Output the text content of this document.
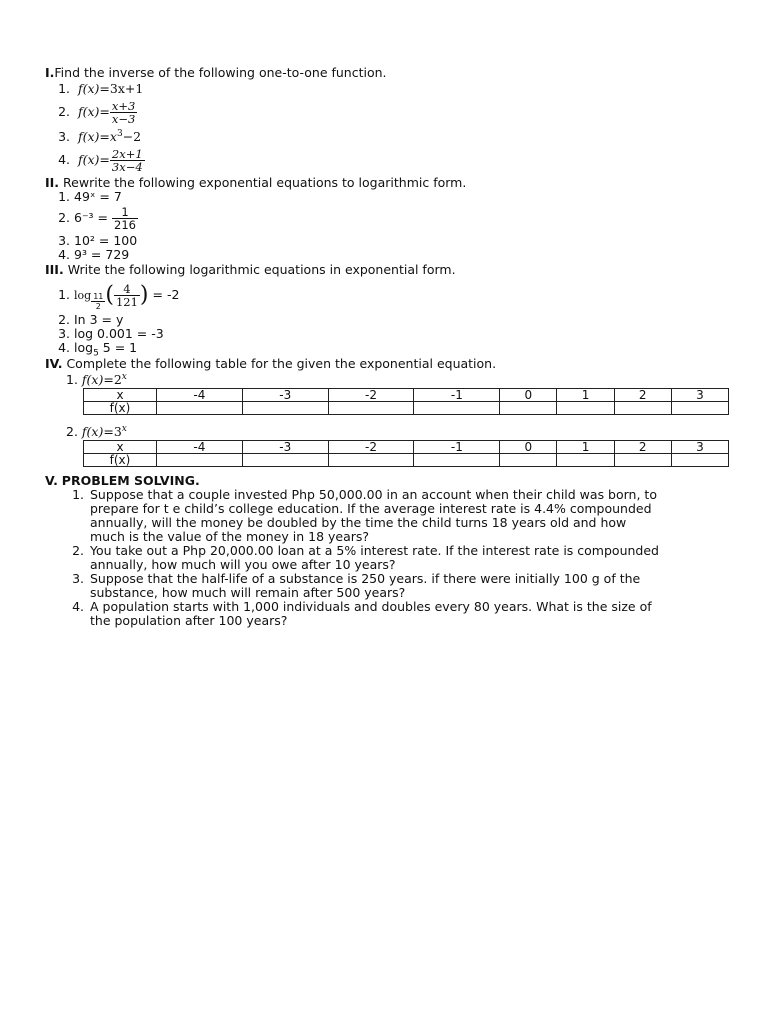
I.Find the inverse of the following one-to-one function.
1. f(x)=3x+1
2. $f(x)= \frac{x+3}{x-3}$
3. $f(x)=x^3-2$
4. $f(x)= \frac{2x+1}{3x-4}$
II. Rewrite the following exponential equations to logarithmic form.
1. 49ˣ = 7
2. $6^{-3} = \frac{1}{216}$
3. 10² = 100
4. 9³ = 729
III. Write the following logarithmic equations in exponential form.
1. $\log \frac{11}{2}$ ( $\frac{4}{121}$ ) = -2
2. In 3 = y
3. log 0.001 = -3
4. $\log_5 5 = 1$
IV. Complete the following table for the given the exponential equation.
1. $f(x)=2^x$
x	-4	-3	-2	-1	0	1	2	3
f(x)								
2. $f(x)=3^x$
x	-4	-3	-2	-1	0	1	2	3
f(x)								
V. PROBLEM SOLVING.
1. Suppose that a couple invested Php 50,000.00 in an account when their child was born, to
prepare for t e child’s college education. If the average interest rate is 4.4% compounded
annually, will the money be doubled by the time the child turns 18 years old and how
much is the value of the money in 18 years?
2. You take out a Php 20,000.00 loan at a 5% interest rate. If the interest rate is compounded
annually, how much will you owe after 10 years?
3. Suppose that the half-life of a substance is 250 years. if there were initially 100 g of the
substance, how much will remain after 500 years?
4. A population starts with 1,000 individuals and doubles every 80 years. What is the size of
the population after 100 years?
